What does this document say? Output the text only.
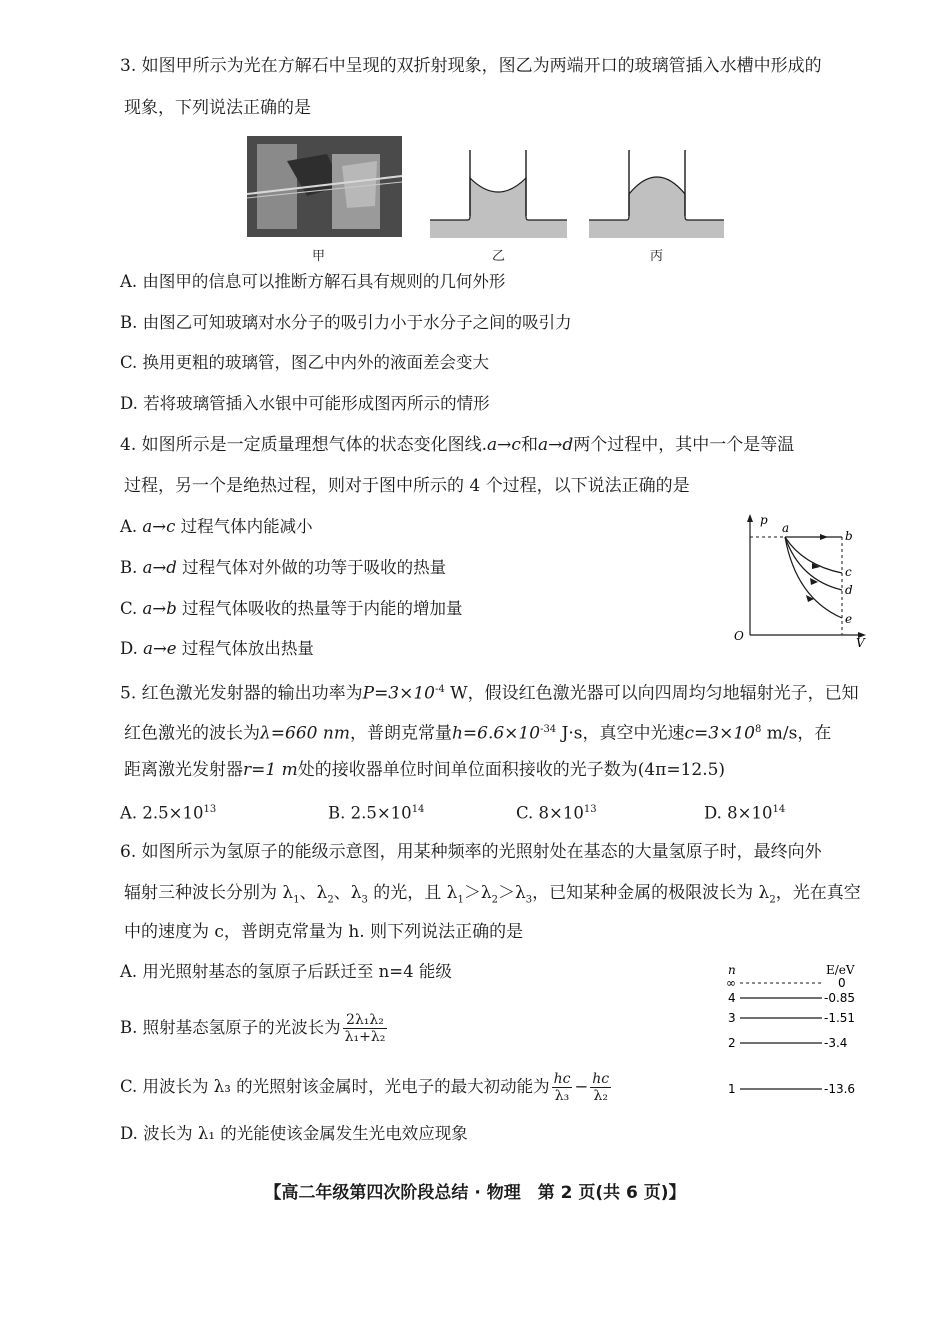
3. 如图甲所示为光在方解石中呈现的双折射现象，图乙为两端开口的玻璃管插入水槽中形成的
现象，下列说法正确的是
甲	乙	丙
A. 由图甲的信息可以推断方解石具有规则的几何外形
B. 由图乙可知玻璃对水分子的吸引力小于水分子之间的吸引力
C. 换用更粗的玻璃管，图乙中内外的液面差会变大
D. 若将玻璃管插入水银中可能形成图丙所示的情形
4. 如图所示是一定质量理想气体的状态变化图线.a→c和a→d两个过程中，其中一个是等温
过程，另一个是绝热过程，则对于图中所示的 4 个过程，以下说法正确的是
A. a→c 过程气体内能减小
B. a→d 过程气体对外做的功等于吸收的热量
C. a→b 过程气体吸收的热量等于内能的增加量
D. a→e 过程气体放出热量
p
V
O
a
b
c
d
e
5. 红色激光发射器的输出功率为$P=3\times 10^{-4}$ W，假设红色激光器可以向四周均匀地辐射光子，已知
红色激光的波长为λ=660 nm，普朗克常量$h=6.6\times 10^{-34}$ J·s，真空中光速$c=3\times 10^8$ m/s，在
距离激光发射器r=1 m处的接收器单位时间单位面积接收的光子数为(4π=12.5)
A. $2.5\times 10^{13}$	B. $2.5\times 10^{14}$	C. $8\times 10^{13}$	D. $8\times 10^{14}$
6. 如图所示为氢原子的能级示意图，用某种频率的光照射处在基态的大量氢原子时，最终向外
辐射三种波长分别为 $\lambda_1$、$\lambda_2$、$\lambda_3$ 的光，且 $\lambda_1>\lambda_2>\lambda_3$，已知某种金属的极限波长为 $\lambda_2$，光在真空
中的速度为 c，普朗克常量为 h. 则下列说法正确的是
A. 用光照射基态的氢原子后跃迁至 n=4 能级
B. 照射基态氢原子的光波长为 $\frac{\text{2λ₁λ₂}}{\text{λ₁+λ₂}}$
C. 用波长为 λ₃ 的光照射该金属时，光电子的最大初动能为 $\frac{hc}{\text{λ₃}} - \frac{hc}{\text{λ₂}}$
D. 波长为 λ₁ 的光能使该金属发生光电效应现象
n	E/eV
∞	0
4	-0.85
3	-1.51
2	-3.4
1	-13.6
【高二年级第四次阶段总结 · 物理　第 2 页(共 6 页)】
